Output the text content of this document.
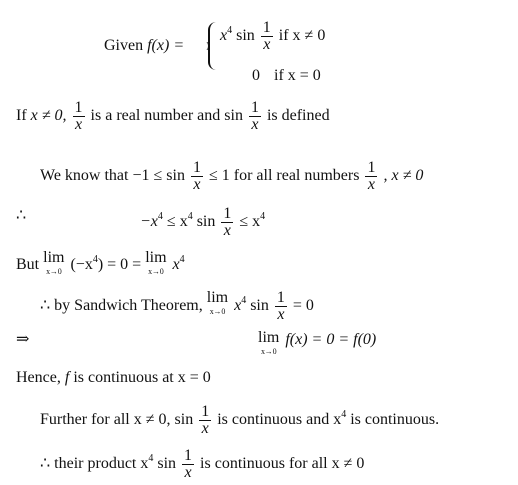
Given f(x) =
$x^4$ $\sin \frac{1}{x}$ if x ≠ 0
0 if x = 0
If x ≠ 0, $\frac{1}{x}$ is a real number and $\sin \frac{1}{x}$ is defined
We know that $-1 \le \sin \frac{1}{x} \le 1$ for all real numbers $\frac{1}{x}$ , x ≠ 0
∴	$-x^4 \le x^4$ $\sin \frac{1}{x} \le x^4$
But lim
x→0 $(-x^4) = 0 = \lim$
x→0 $x^4$
∴ by Sandwich Theorem, lim
x→0 $x^4$ $\sin \frac{1}{x} = 0$
⇒	lim
x→0
f(x) = 0 = f(0)
Hence, f is continuous at x = 0
Further for all x ≠ 0, $\sin \frac{1}{x}$ is continuous and $x^4$ is continuous.
∴ their product $x^4$ $\sin \frac{1}{x}$ is continuous for all x ≠ 0
